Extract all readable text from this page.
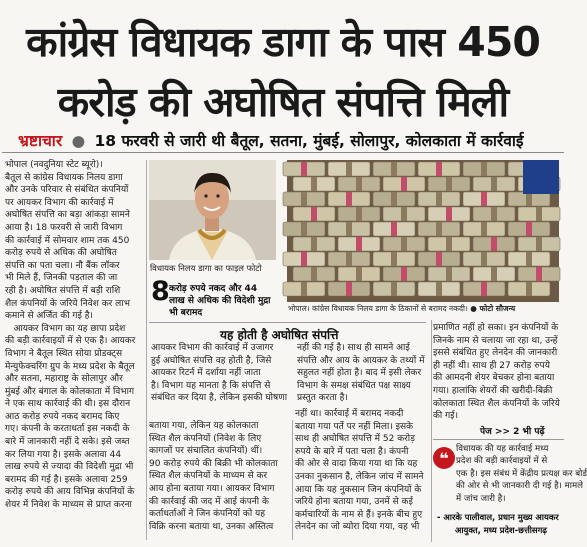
कांग्रेस विधायक डागा के पास 450
करोड़ की अघोषित संपत्ति मिली
भ्रष्टाचार ● 18 फरवरी से जारी थी बैतूल, सतना, मुंबई, सोलापुर, कोलकाता में कार्रवाई
भोपाल (नवदुनिया स्टेट ब्यूरो)।
बैतूल से कांग्रेस विधायक निलय डागा
और उनके परिवार से संबंधित कंपनियों
पर आयकर विभाग की कार्रवाई में
अघोषित संपत्ति का बड़ा आंकड़ा सामने
आया है। 18 फरवरी से जारी विभाग
की कार्रवाई में सोमवार शाम तक 450
करोड़ रुपये से अधिक की अघोषित
संपत्ति का पता चला। नौ बैंक लॉकर
भी मिले हैं, जिनकी पड़ताल की जा
रही है। अघोषित संपत्ति में बड़ी राशि
शैल कंपनियों के जरिये निवेश कर लाभ
कमाने से अर्जित की गई है।
आयकर विभाग का यह छापा प्रदेश
की बड़ी कार्रवाइयों में से एक है। आयकर
विभाग ने बैतूल स्थित सोया प्रोडक्ट्स
मेन्युफेक्चरिंग ग्रुप के मध्य प्रदेश के बैतूल
और सतना, महाराष्ट्र के सोलापुर और
मुंबई और बंगाल के कोलकाता में विभाग
ने एक साथ कार्रवाई की थी। इस दौरान
आठ करोड़ रुपये नकद बरामद किए
गए। कंपनी के करताधर्ता इस नकदी के
बारे में जानकारी नहीं दे सके। इसे जब्त
कर लिया गया है। इसके अलावा 44
लाख रुपये से ज्यादा की विदेशी मुद्रा भी
बरामद की गई है। इसके अलावा 259
करोड़ रुपये की आय विभिन्न कंपनियों के
शेयर में निवेश के माध्यम से प्राप्त करना
विधायक निलय डागा का फाइल फोटो
8 करोड़ रुपये नकद और 44
लाख से अधिक की विदेशी मुद्रा
भी बरामद	भोपाल। कांग्रेस विधायक निलय डागा के ठिकानों से बरामद नकदी। ● फोटो सौजन्य
यह होती है अघोषित संपत्ति
आयकर विभाग की कार्रवाई में उजागर
हुई अघोषित संपत्ति वह होती है, जिसे
आयकर रिटर्न में दर्शाया नहीं जाता
है। विभाग यह मानता है कि संपत्ति से
संबंधित कर दिया है, लेकिन इसकी घोषणा
नहीं की गई है। साथ ही सामने आई
संपत्ति और आय के आयकर के तथ्यों में
सहुलत नहीं होता है। बाद में इसी लेकर
विभाग के समक्ष संबंधित पक्ष साक्ष्य
प्रस्तुत करता है।
बताया गया, लेकिन यह कोलकाता
स्थित शैल कंपनियों (निवेश के लिए
कागजों पर संचालित कंपनियों) थीं।
90 करोड़ रुपये की बिक्री भी कोलकाता
स्थित शैल कंपनियों के माध्यम से कर
आय होना बताया गया। आयकर विभाग
की कार्रवाई की जद में आई कंपनी के
कर्ताधर्ताओं ने जिन कंपनियों को यह
विक्रि करना बताया था, उनका अस्तित्व
नहीं था। कार्रवाई में बरामद नकदी
बताया गया पर्ते पर नहीं मिला। इसके
साथ ही अघोषित संपत्ति में 52 करोड़
रुपये के बारे में पता चला है। कंपनी
की ओर से वादा किया गया था कि यह
उनका नुकसान है, लेकिन जांच में सामने
आया कि यह नुकसान जिन कंपनियों के
जरिये होना बताया गया, उनमें से कई
कर्मचारियों के नाम से हैं। इनके बीच हुए
लेनदेन का जो ब्योरा दिया गया, वह भी
प्रमाणित नहीं हो सका। इन कंपनियों के
जिनके नाम से चलाया जा रहा था, उन्हें
इससे संबंधित हुए लेनदेन की जानकारी
ही नहीं थी। साथ ही 27 करोड़ रुपये
की आमदनी शेयर बेचकर होना बताया
गया। हालांकि शेयरों की खरीदी-बिक्री
कोलकाता स्थित शैल कंपनियों के जरिये
की गई।
पेज >> 2 भी पढ़ें
❝ विधायक की यह कार्रवाई मध्य
प्रदेश की बड़ी कार्रवाइयों में से
एक है। इस संबंध में केंद्रीय प्रत्यक्ष कर बोर्ड
की ओर से भी जानकारी दी गई है। मामले
में जांच जारी है।
- आरके पालीवाल, प्रधान मुख्य आयकर
आयुक्त, मध्य प्रदेश-छत्तीसगढ़
